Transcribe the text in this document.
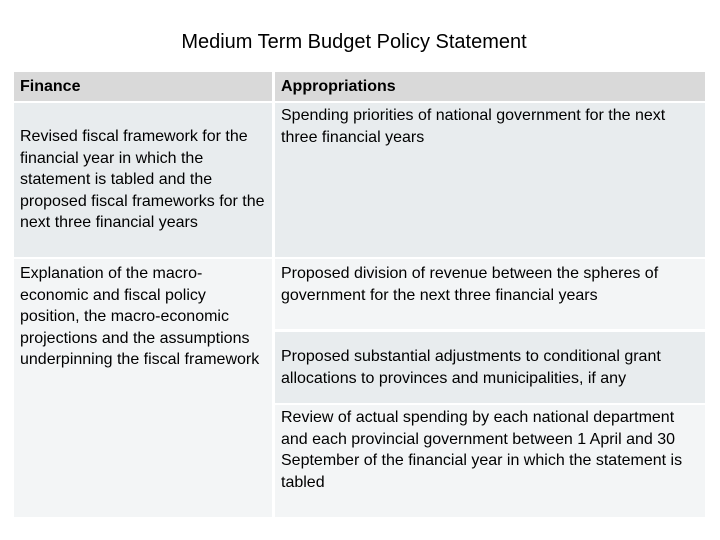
Medium Term Budget Policy Statement
Finance	Appropriations
Revised fiscal framework for the financial year in which the statement is tabled and the proposed fiscal frameworks for the next three financial years
Explanation of the macro-economic and fiscal policy position, the macro-economic projections and the assumptions underpinning the fiscal framework
Spending priorities of national government for the next three financial years
Proposed division of revenue between the spheres of government for the next three financial years
Proposed substantial adjustments to conditional grant allocations to provinces and municipalities, if any
Review of actual spending by each national department and each provincial government between 1 April and 30 September of the financial year in which the statement is tabled
